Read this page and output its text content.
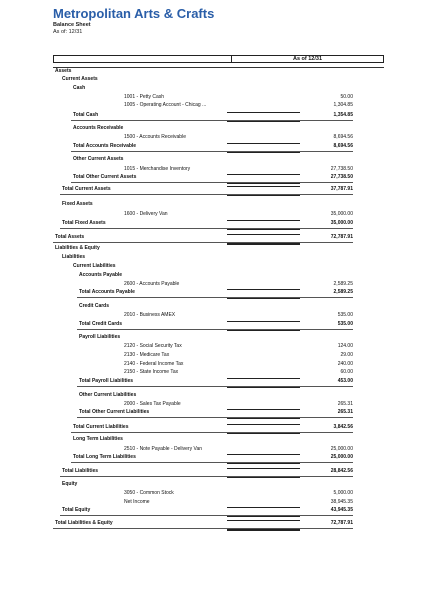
Metropolitan Arts & Crafts
Balance Sheet
As of: 12/31
As of 12/31
Assets
Current Assets
Cash
1001 - Petty Cash	50.00
1005 - Operating Account - Chicag ...	1,304.85
Total Cash	1,354.85
Accounts Receivable
1500 - Accounts Receivable	8,694.56
Total Accounts Receivable	8,694.56
Other Current Assets
1015 - Merchandise Inventory	27,738.50
Total Other Current Assets	27,738.50
Total Current Assets	37,787.91
Fixed Assets
1600 - Delivery Van	35,000.00
Total Fixed Assets	35,000.00
Total Assets	72,787.91
Liabilities & Equity
Liabilities
Current Liabilities
Accounts Payable
2600 - Accounts Payable	2,589.25
Total Accounts Payable	2,589.25
Credit Cards
2010 - Business AMEX	535.00
Total Credit Cards	535.00
Payroll Liabilities
2120 - Social Security Tax	124.00
2130 - Medicare Tax	29.00
2140 - Federal Income Tax	240.00
2150 - State Income Tax	60.00
Total Payroll Liabilities	453.00
Other Current Liabilities
2000 - Sales Tax Payable	265.31
Total Other Current Liabilities	265.31
Total Current Liabilities	3,842.56
Long Term Liabilities
2510 - Note Payable - Delivery Van	25,000.00
Total Long Term Liabilities	25,000.00
Total Liabilities	28,842.56
Equity
3050 - Common Stock	5,000.00
Net Income	38,945.35
Total Equity	43,945.35
Total Liabilities & Equity	72,787.91
